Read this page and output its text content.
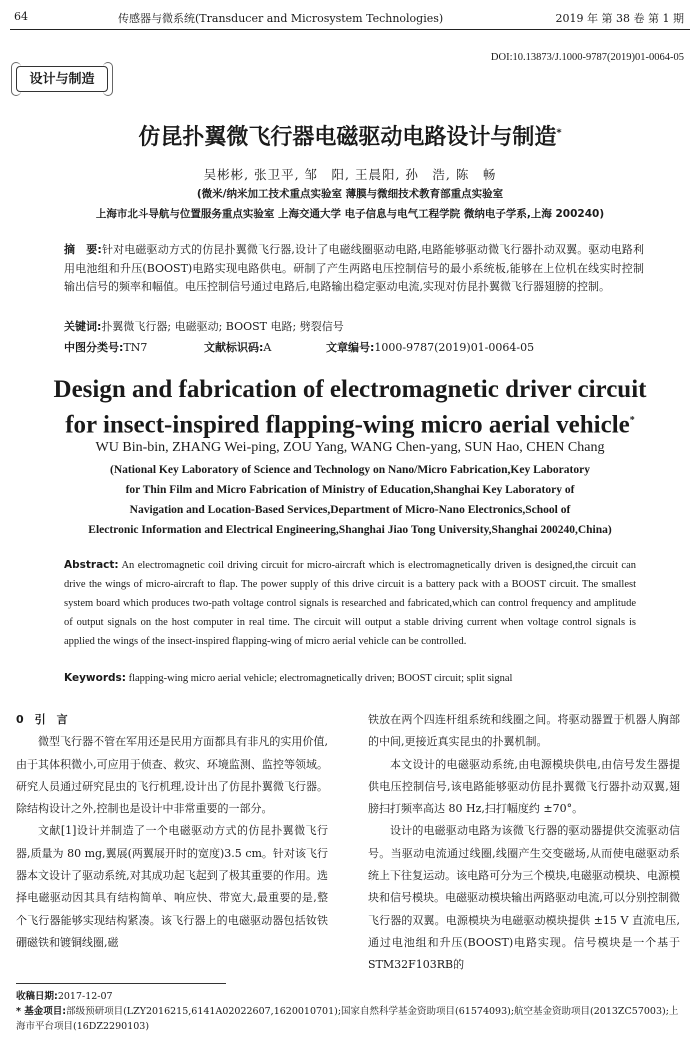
64	传感器与微系统(Transducer and Microsystem Technologies)	2019 年 第 38 卷 第 1 期
DOI:10.13873/J.1000-9787(2019)01-0064-05
设计与制造
仿昆扑翼微飞行器电磁驱动电路设计与制造*
吴彬彬, 张卫平, 邹　阳, 王晨阳, 孙　浩, 陈　畅
(微米/纳米加工技术重点实验室 薄膜与微细技术教育部重点实验室
上海市北斗导航与位置服务重点实验室 上海交通大学 电子信息与电气工程学院 微纳电子学系,上海 200240)
摘　要:针对电磁驱动方式的仿昆扑翼微飞行器,设计了电磁线圈驱动电路,电路能够驱动微飞行器扑动双翼。驱动电路利用电池组和升压(BOOST)电路实现电路供电。研制了产生两路电压控制信号的最小系统板,能够在上位机在线实时控制输出信号的频率和幅值。电压控制信号通过电路后,电路输出稳定驱动电流,实现对仿昆扑翼微飞行器翅膀的控制。
关键词:扑翼微飞行器; 电磁驱动; BOOST 电路; 劈裂信号
中图分类号:TN7	文献标识码:A	文章编号:1000-9787(2019)01-0064-05
Design and fabrication of electromagnetic driver circuit
for insect-inspired flapping-wing micro aerial vehicle*
WU Bin-bin, ZHANG Wei-ping, ZOU Yang, WANG Chen-yang, SUN Hao, CHEN Chang
(National Key Laboratory of Science and Technology on Nano/Micro Fabrication,Key Laboratory
for Thin Film and Micro Fabrication of Ministry of Education,Shanghai Key Laboratory of
Navigation and Location-Based Services,Department of Micro-Nano Electronics,School of
Electronic Information and Electrical Engineering,Shanghai Jiao Tong University,Shanghai 200240,China)
Abstract: An electromagnetic coil driving circuit for micro-aircraft which is electromagnetically driven is designed,the circuit can drive the wings of micro-aircraft to flap. The power supply of this drive circuit is a battery pack with a BOOST circuit. The smallest system board which produces two-path voltage control signals is researched and fabricated,which can control frequency and amplitude of output signals on the host computer in real time. The circuit will output a stable driving current when voltage control signals is applied the wings of the insect-inspired flapping-wing of micro aerial vehicle can be controlled.
Keywords: flapping-wing micro aerial vehicle; electromagnetically driven; BOOST circuit; split signal

0　引　言

微型飞行器不管在军用还是民用方面都具有非凡的实用价值,由于其体积微小,可应用于侦查、救灾、环境监测、监控等领域。研究人员通过研究昆虫的飞行机理,设计出了仿昆扑翼微飞行器。除结构设计之外,控制也是设计中非常重要的一部分。

文献[1]设计并制造了一个电磁驱动方式的仿昆扑翼微飞行器,质量为 80 mg,翼展(两翼展开时的宽度)3.5 cm。针对该飞行器本文设计了驱动系统,对其成功起飞起到了极其重要的作用。选择电磁驱动因其具有结构简单、响应快、带宽大,最重要的是,整个飞行器能够实现结构紧凑。该飞行器上的电磁驱动器包括钕铁硼磁铁和镀铜线圈,磁

铁放在两个四连杆组系统和线圈之间。将驱动器置于机器人胸部的中间,更接近真实昆虫的扑翼机制。

本文设计的电磁驱动系统,由电源模块供电,由信号发生器提供电压控制信号,该电路能够驱动仿昆扑翼微飞行器扑动双翼,翅膀扫打频率高达 80 Hz,扫打幅度约 ±70°。

设计的电磁驱动电路为该微飞行器的驱动器提供交流驱动信号。当驱动电流通过线圈,线圈产生交变磁场,从而使电磁驱动系统上下往复运动。该电路可分为三个模块,电磁驱动模块、电源模块和信号模块。电磁驱动模块输出两路驱动电流,可以分别控制微飞行器的双翼。电源模块为电磁驱动模块提供 ±15 V 直流电压,通过电池组和升压(BOOST)电路实现。信号模块是一个基于STM32F103RB的

收稿日期:2017-12-07
* 基金项目:部级预研项目(LZY2016215,6141A02022607,1620010701);国家自然科学基金资助项目(61574093);航空基金资助项目(2013ZC57003);上海市平台项目(16DZ2290103)
